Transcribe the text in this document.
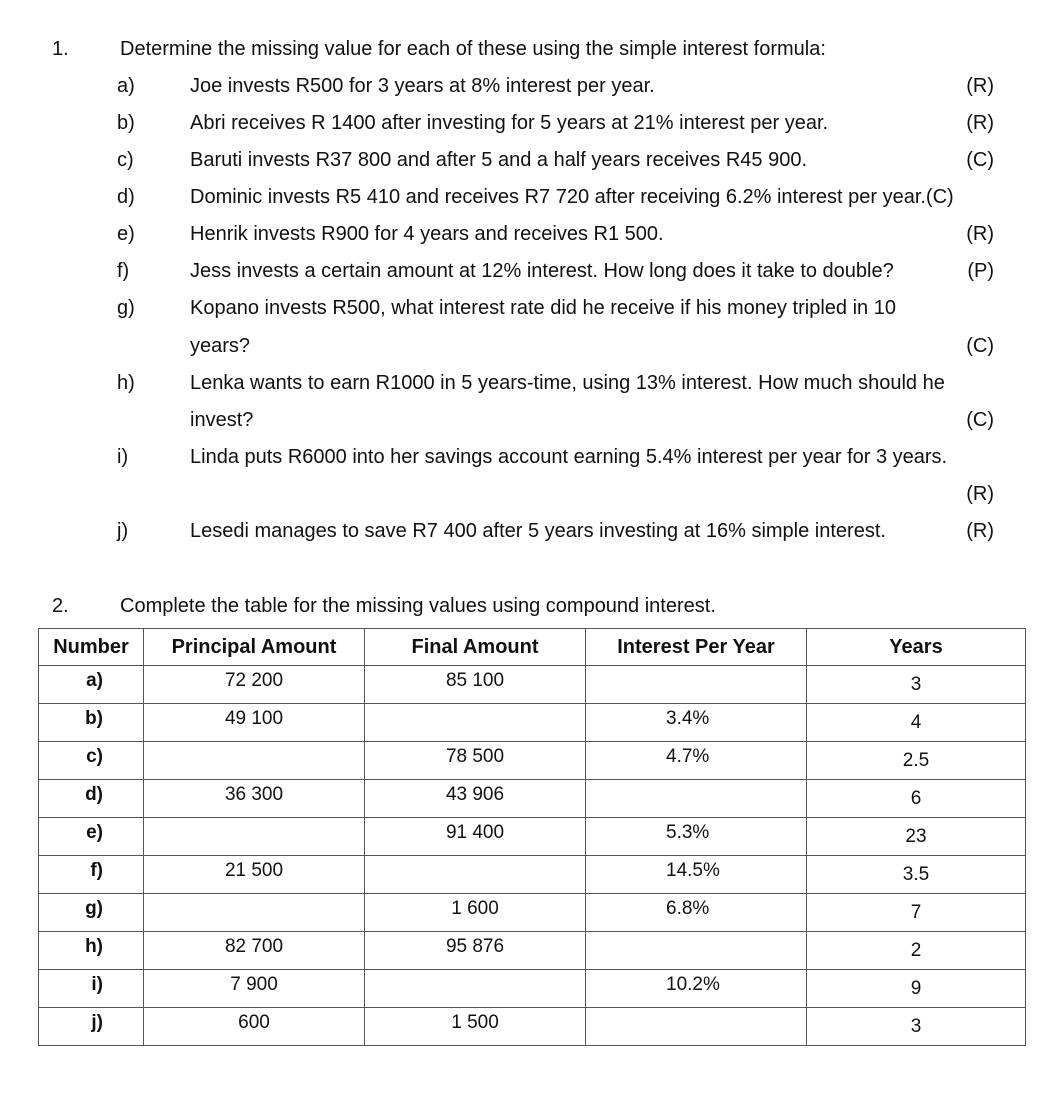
1.	Determine the missing value for each of these using the simple interest formula:
a)	Joe invests R500 for 3 years at 8% interest per year.	(R)
b)	Abri receives R 1400 after investing for 5 years at 21% interest per year.	(R)
c)	Baruti invests R37 800 and after 5 and a half years receives R45 900.	(C)
d)	Dominic invests R5 410 and receives R7 720 after receiving 6.2% interest per year.(C)
e)	Henrik invests R900 for 4 years and receives R1 500.	(R)
f)	Jess invests a certain amount at 12% interest. How long does it take to double?	(P)
g)	Kopano invests R500, what interest rate did he receive if his money tripled in 10
years?	(C)
h)	Lenka wants to earn R1000 in 5 years-time, using 13% interest. How much should he
invest?	(C)
i)	Linda puts R6000 into her savings account earning 5.4% interest per year for 3 years.
(R)
j)	Lesedi manages to save R7 400 after 5 years investing at 16% simple interest.	(R)
2.	Complete the table for the missing values using compound interest.
Number	Principal Amount	Final Amount	Interest Per Year	Years
a)	72 200	85 100		3
b)	49 100		3.4%	4
c)		78 500	4.7%	2.5
d)	36 300	43 906		6
e)		91 400	5.3%	23
f)	21 500		14.5%	3.5
g)		1 600	6.8%	7
h)	82 700	95 876		2
i)	7 900		10.2%	9
j)	600	1 500		3
